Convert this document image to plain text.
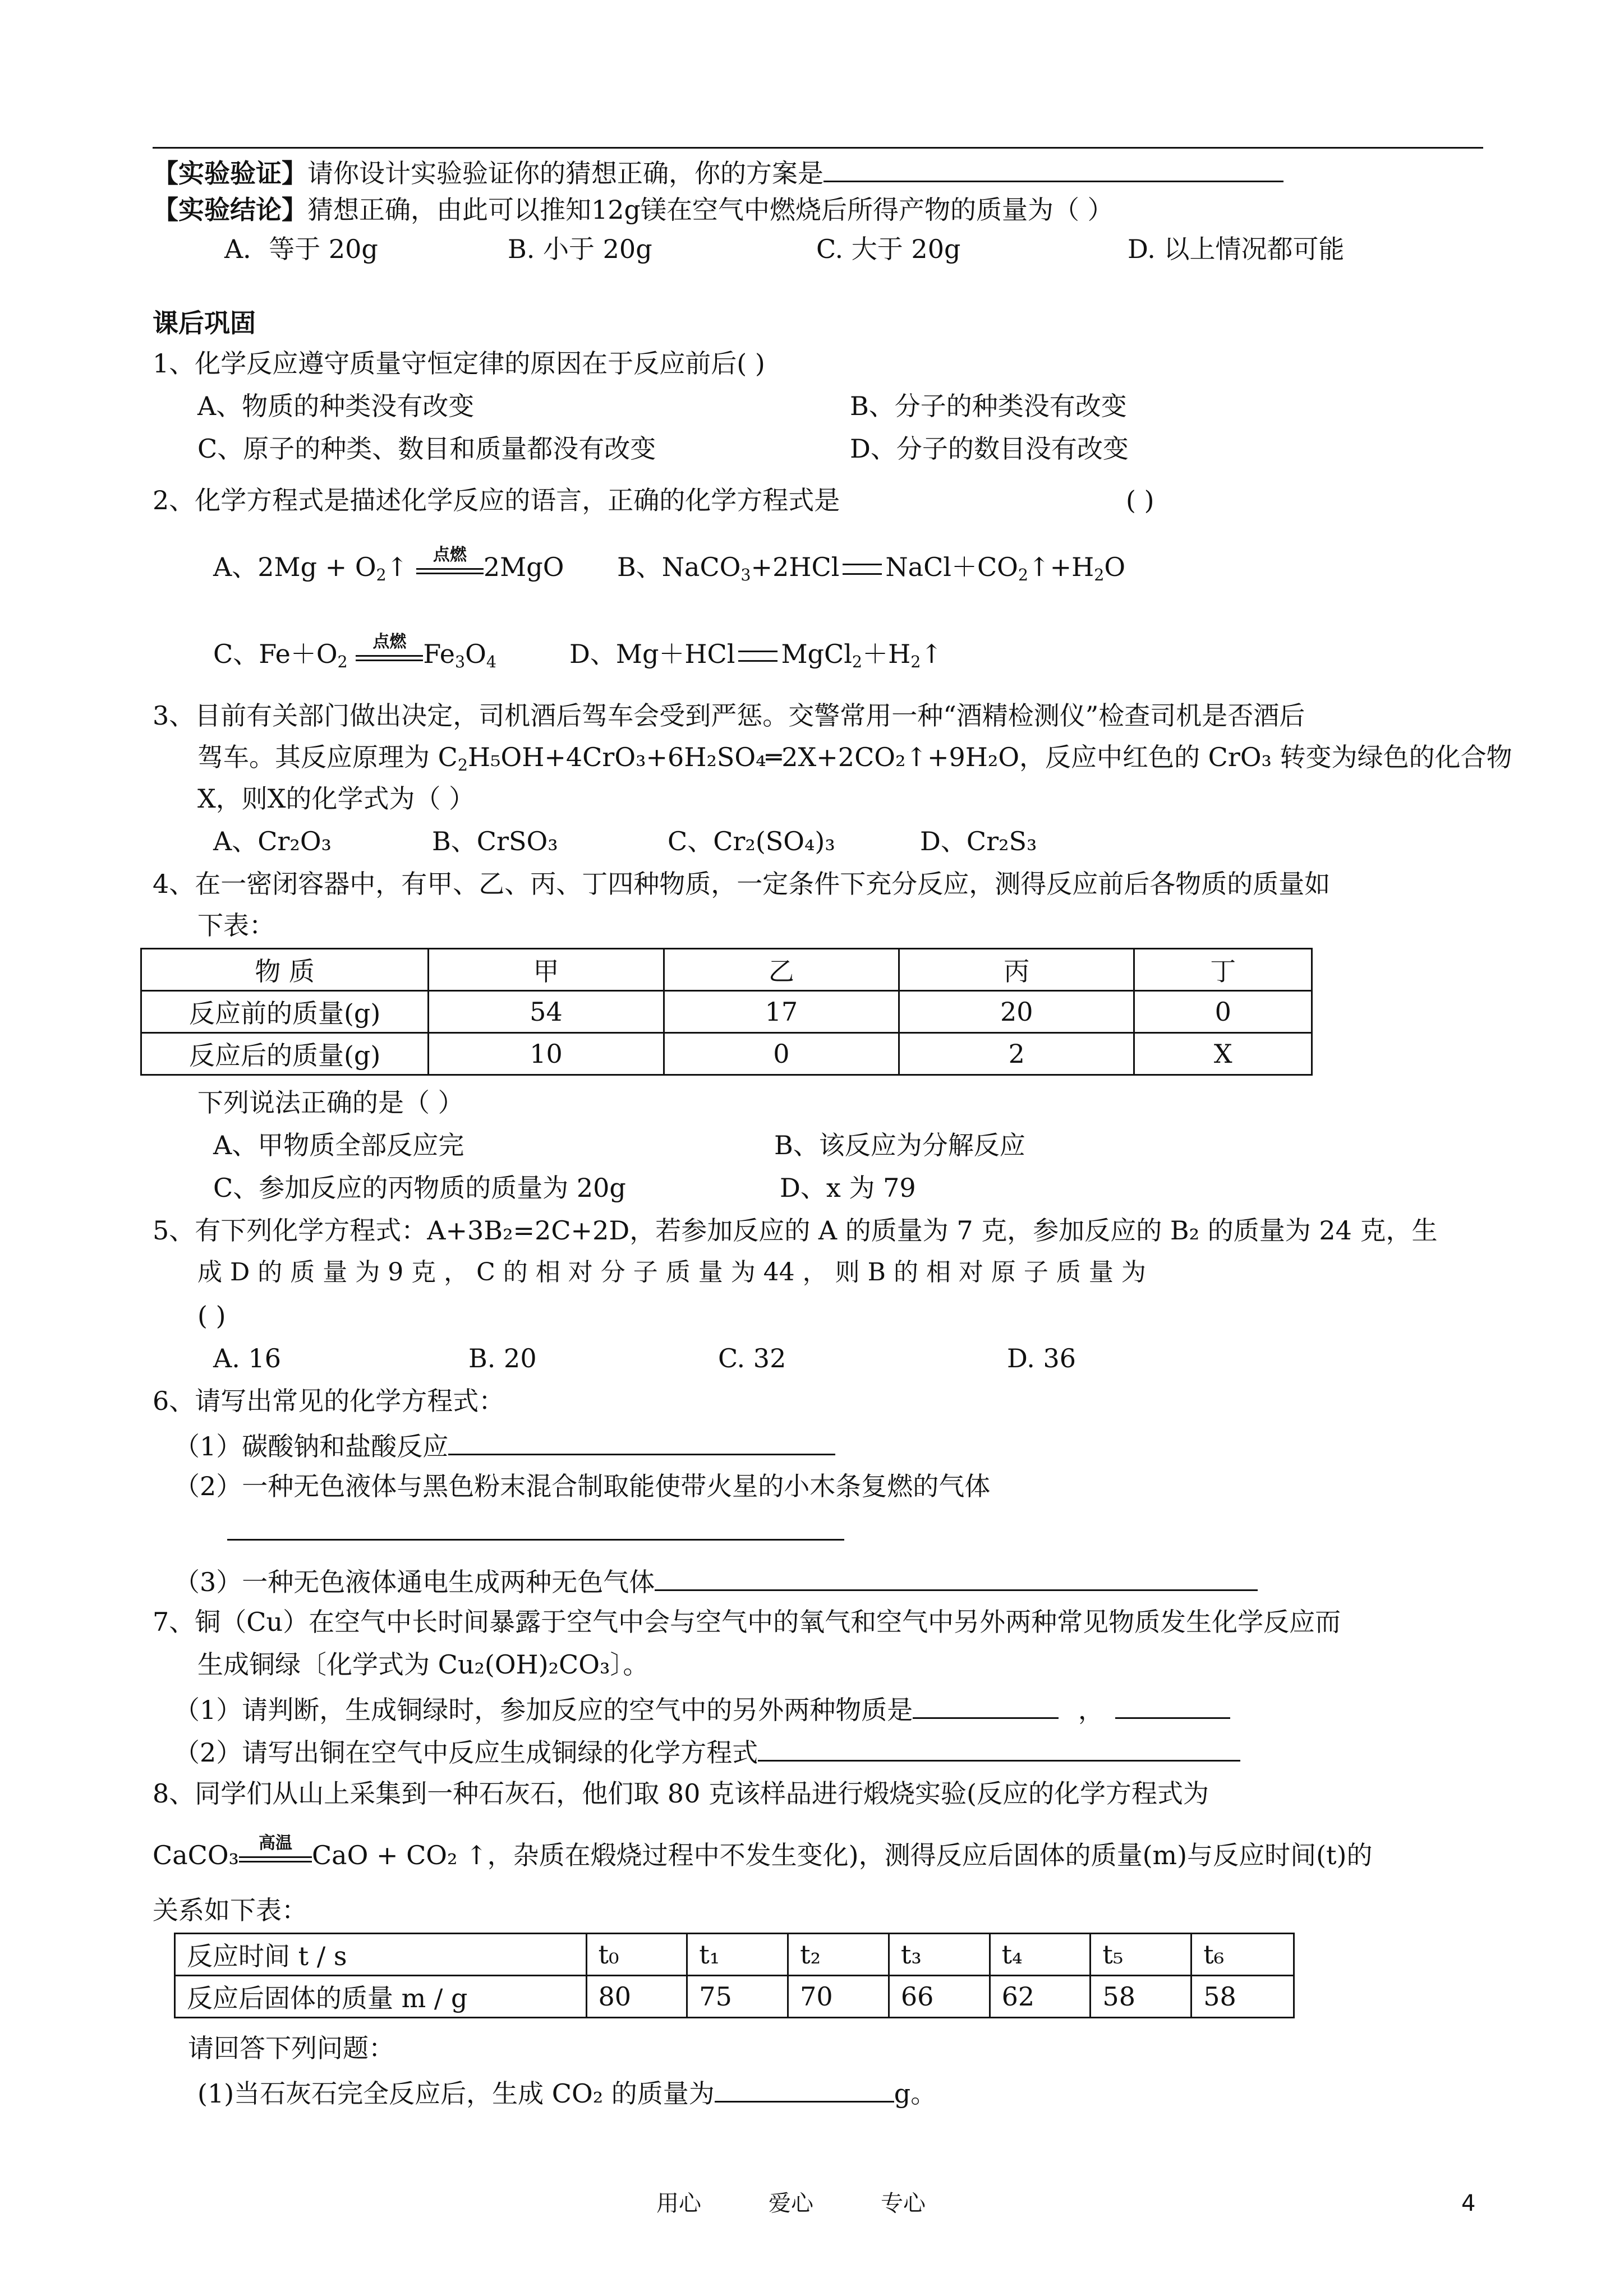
【实验验证】请你设计实验验证你的猜想正确，你的方案是
【实验结论】猜想正确，由此可以推知12g镁在空气中燃烧后所得产物的质量为（ ）
A．等于 20g	B. 小于 20g	C. 大于 20g	D. 以上情况都可能
课后巩固
1、化学反应遵守质量守恒定律的原因在于反应前后( )
A、物质的种类没有改变	B、分子的种类没有改变
C、原子的种类、数目和质量都没有改变	D、分子的数目没有改变
2、化学方程式是描述化学反应的语言，正确的化学方程式是	( )
A、$2Mg + O_2↑$	点燃 2MgO B、NaCO$_3$+2HCl $NaCl+CO_2↑+H_2O$
C、$Fe+O_2$
点燃 $Fe_3O_4$	D、Mg＋HCl $MgCl_2+H_2↑$
3、目前有关部门做出决定，司机酒后驾车会受到严惩。交警常用一种“酒精检测仪”检查司机是否酒后
驾车。其反应原理为 $C_2H_5OH+4CrO_3+6H_2SO_4═2X+2CO_2↑+9H_2O$，反应中红色的 CrO₃ 转变为绿色的化合物
X，则X的化学式为（ ）
A、Cr₂O₃	B、CrSO₃	C、Cr₂(SO₄)₃	D、Cr₂S₃
4、在一密闭容器中，有甲、乙、丙、丁四种物质，一定条件下充分反应，测得反应前后各物质的质量如
下表：
物 质	甲	乙	丙	丁
反应前的质量(g)	54	17	20	0
反应后的质量(g)	10	0	2	X
下列说法正确的是（ ）
A、甲物质全部反应完	B、该反应为分解反应
C、参加反应的丙物质的质量为 20g	D、x 为 79
5、有下列化学方程式：A+3B₂=2C+2D，若参加反应的 A 的质量为 7 克，参加反应的 B₂ 的质量为 24 克，生
成 D 的 质 量 为 9 克 ， C 的 相 对 分 子 质 量 为 44 ， 则 B 的 相 对 原 子 质 量 为
( )
A. 16	B. 20	C. 32	D. 36
6、请写出常见的化学方程式：
（1）碳酸钠和盐酸反应
（2）一种无色液体与黑色粉末混合制取能使带火星的小木条复燃的气体
（3）一种无色液体通电生成两种无色气体
7、铜（Cu）在空气中长时间暴露于空气中会与空气中的氧气和空气中另外两种常见物质发生化学反应而
生成铜绿〔化学式为 Cu₂(OH)₂CO₃〕。
（1）请判断，生成铜绿时，参加反应的空气中的另外两种物质是	，
（2）请写出铜在空气中反应生成铜绿的化学方程式
8、同学们从山上采集到一种石灰石，他们取 80 克该样品进行煅烧实验(反应的化学方程式为
CaCO₃	高温 CaO + CO₂ ↑，杂质在煅烧过程中不发生变化)，测得反应后固体的质量(m)与反应时间(t)的
关系如下表：
反应时间 t / s	t₀	t₁	t₂	t₃	t₄	t₅	t₆
反应后固体的质量 m / g	80	75	70	66	62	58	58
请回答下列问题：
(1)当石灰石完全反应后，生成 CO₂ 的质量为	g。
用心	爱心	专心	4
